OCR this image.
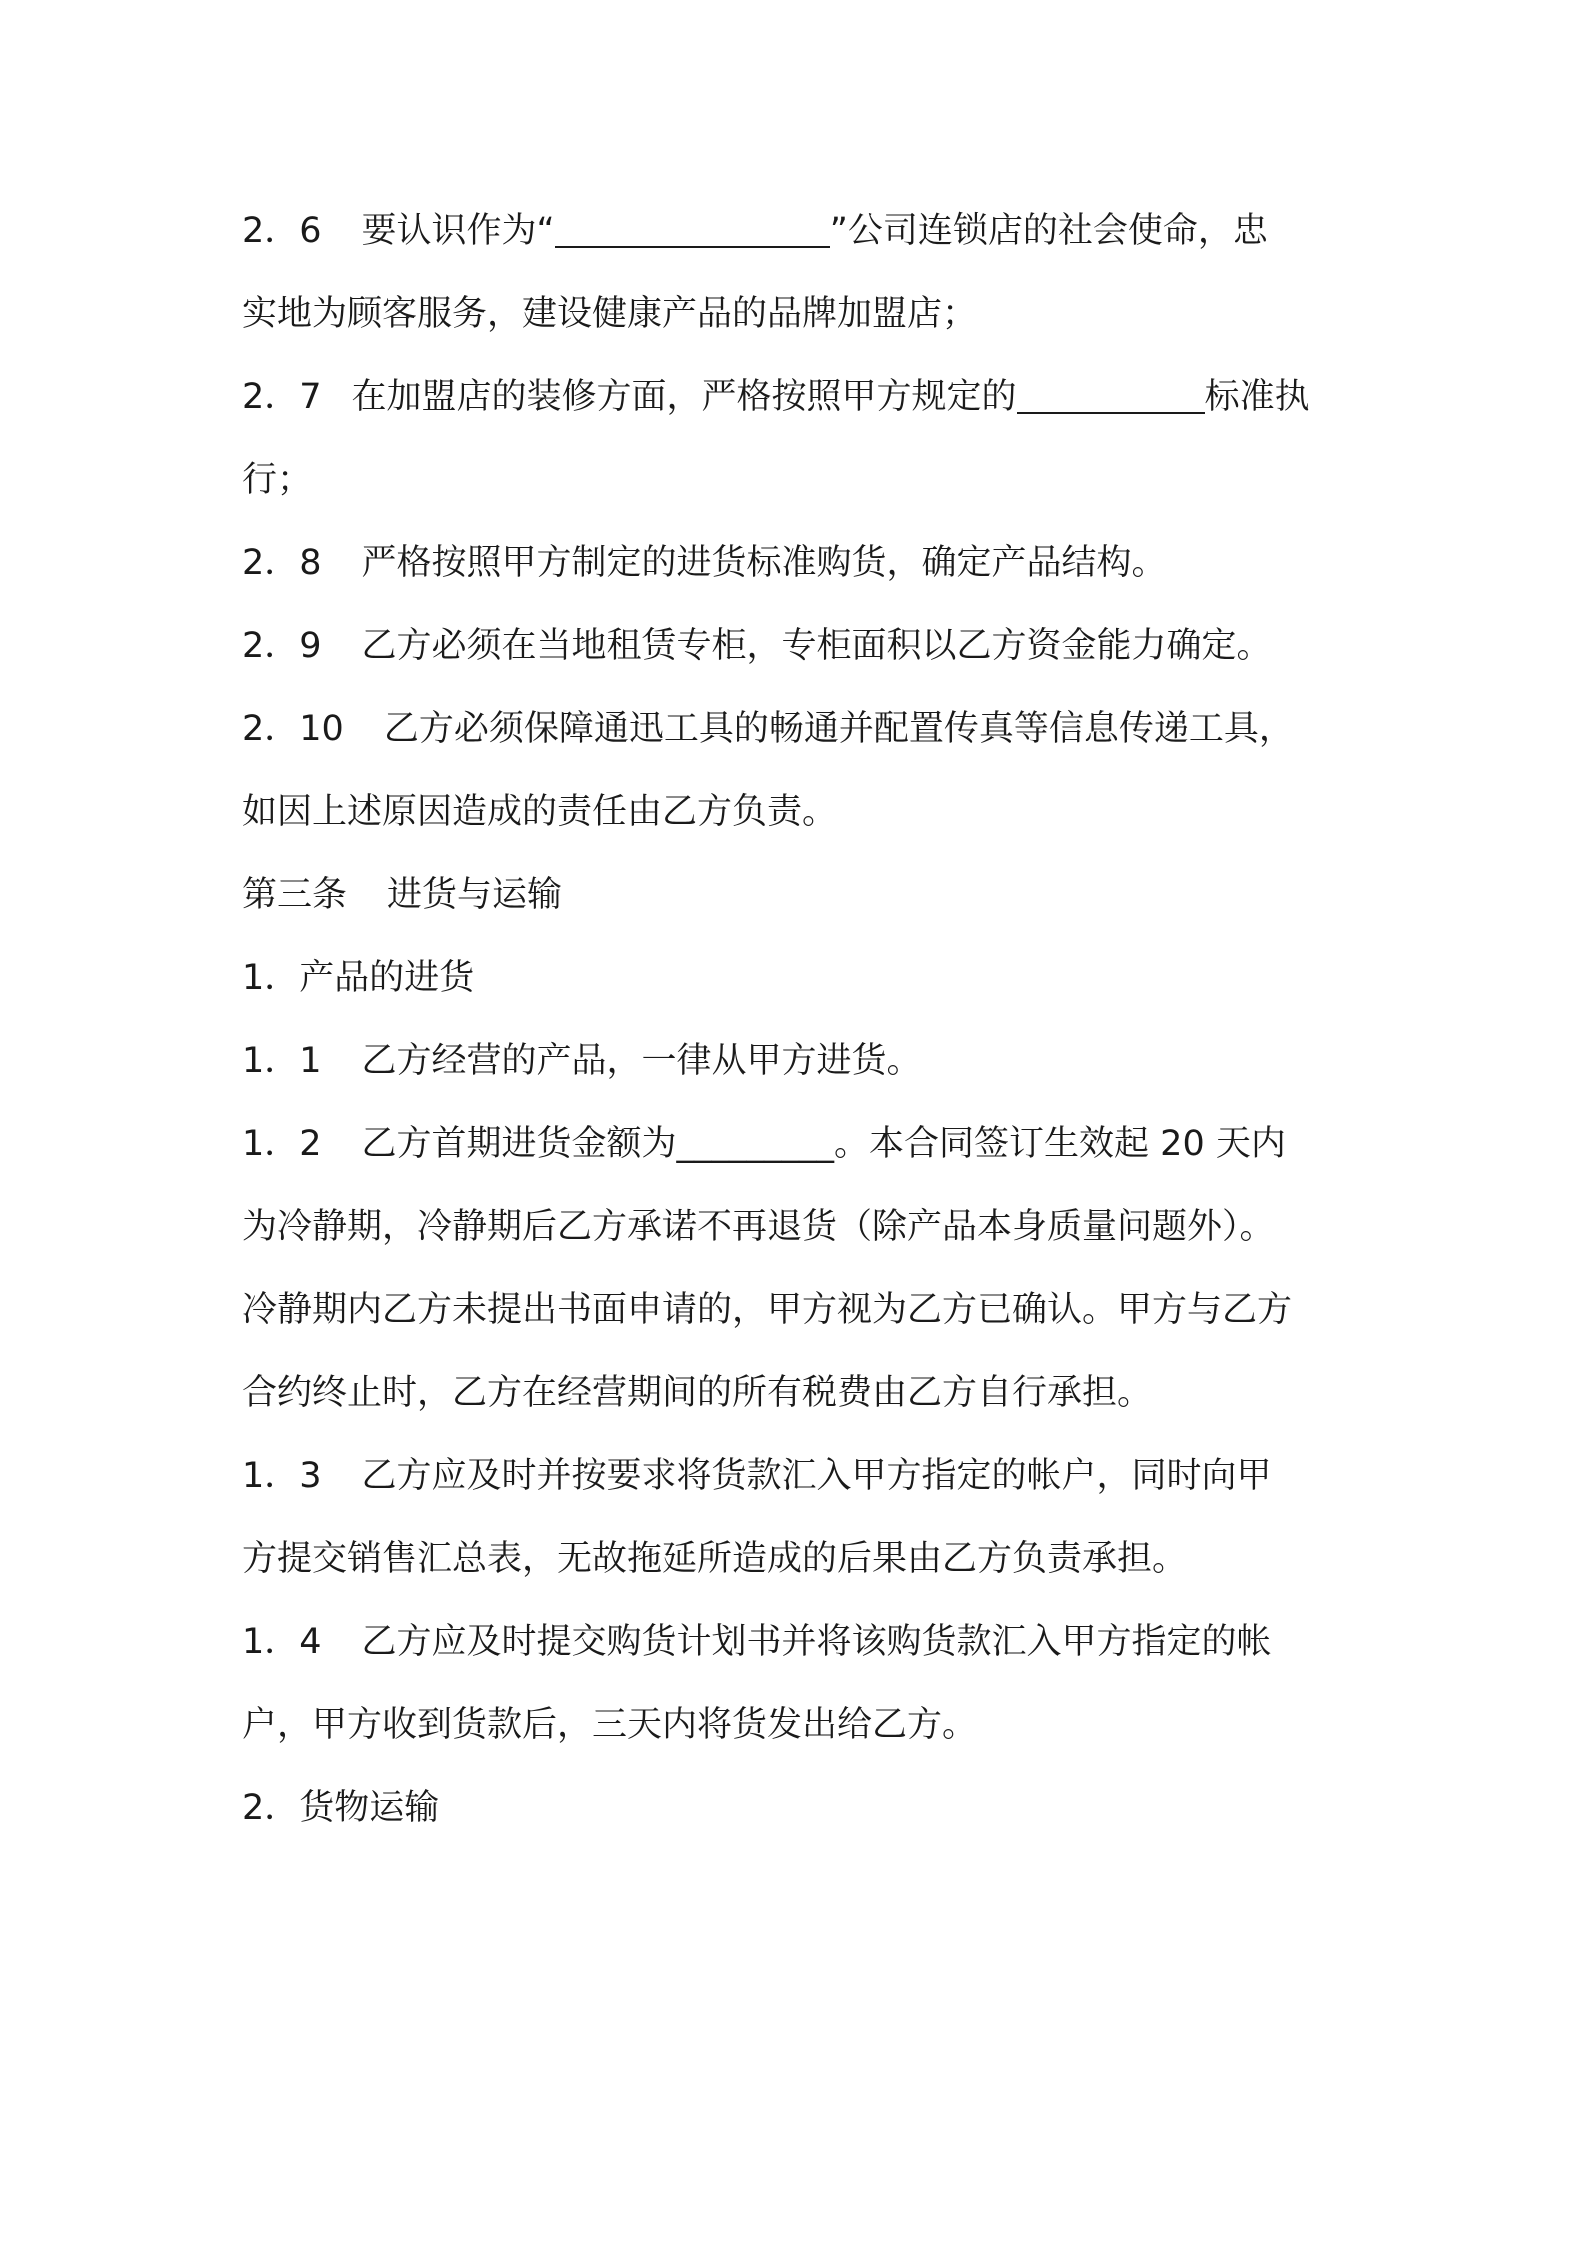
2．6 要认识作为“	”公司连锁店的社会使命，忠
实地为顾客服务，建设健康产品的品牌加盟店；
2．7 在加盟店的装修方面，严格按照甲方规定的	标准执
行；
2．8 严格按照甲方制定的进货标准购货，确定产品结构。
2．9 乙方必须在当地租赁专柜，专柜面积以乙方资金能力确定。
2．10 乙方必须保障通迅工具的畅通并配置传真等信息传递工具，
如因上述原因造成的责任由乙方负责。
第三条 进货与运输
1．产品的进货
1．1 乙方经营的产品，一律从甲方进货。
1．2 乙方首期进货金额为_________。本合同签订生效起 20 天内
为冷静期，冷静期后乙方承诺不再退货（除产品本身质量问题外）。
冷静期内乙方未提出书面申请的，甲方视为乙方已确认。甲方与乙方
合约终止时，乙方在经营期间的所有税费由乙方自行承担。
1．3 乙方应及时并按要求将货款汇入甲方指定的帐户，同时向甲
方提交销售汇总表，无故拖延所造成的后果由乙方负责承担。
1．4 乙方应及时提交购货计划书并将该购货款汇入甲方指定的帐
户，甲方收到货款后，三天内将货发出给乙方。
2．货物运输
